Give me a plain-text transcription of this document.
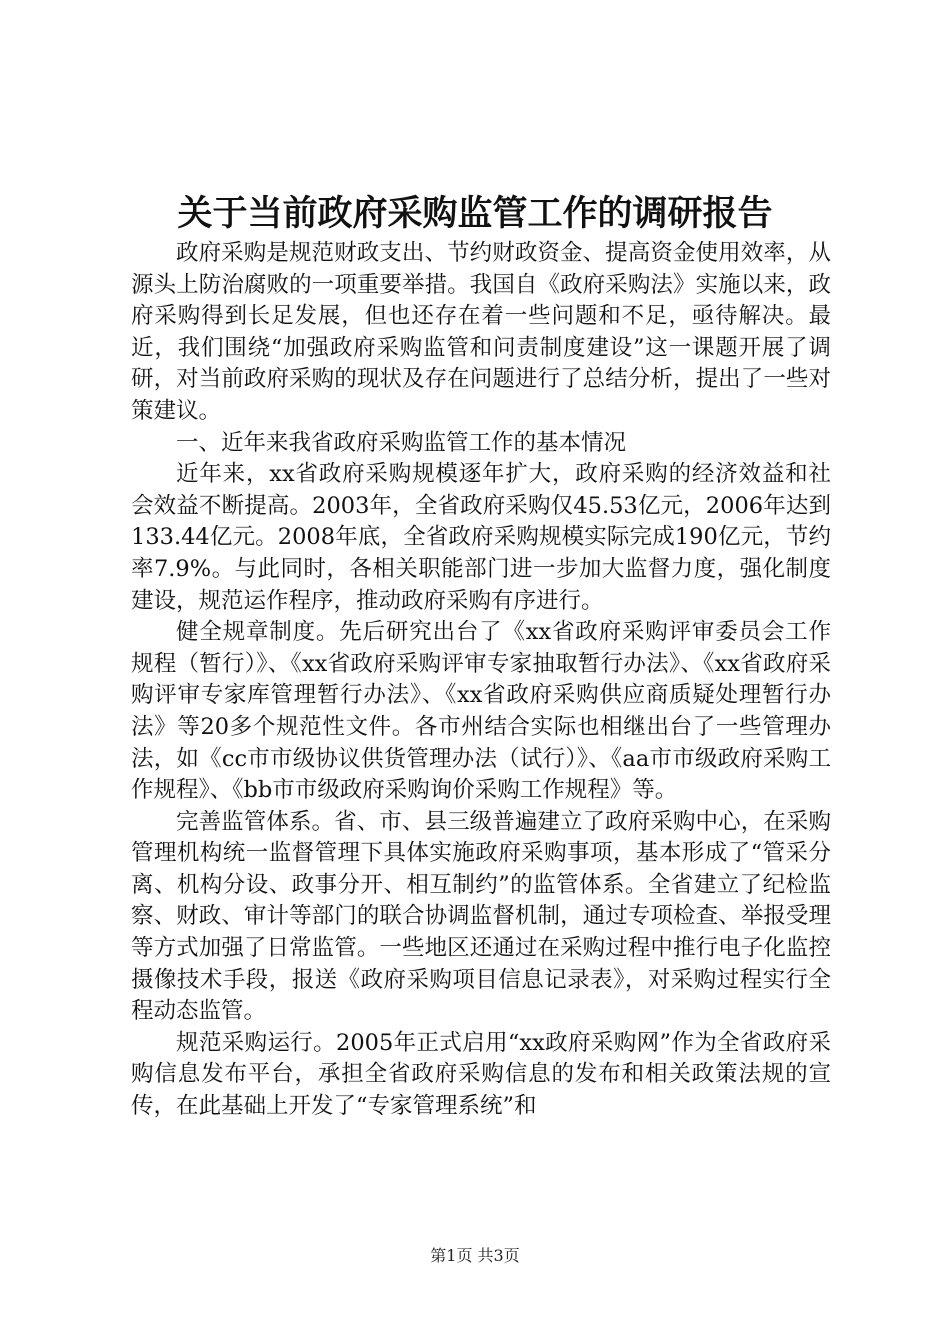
关于当前政府采购监管工作的调研报告

政府采购是规范财政支出、节约财政资金、提高资金使用效率，从源头上防治腐败的一项重要举措。我国自《政府采购法》实施以来，政府采购得到长足发展，但也还存在着一些问题和不足，亟待解决。最近，我们围绕“加强政府采购监管和问责制度建设”这一课题开展了调研，对当前政府采购的现状及存在问题进行了总结分析，提出了一些对策建议。

一、近年来我省政府采购监管工作的基本情况

近年来，xx省政府采购规模逐年扩大，政府采购的经济效益和社会效益不断提高。2003年，全省政府采购仅45.53亿元，2006年达到133.44亿元。2008年底，全省政府采购规模实际完成190亿元，节约率7.9%。与此同时，各相关职能部门进一步加大监督力度，强化制度建设，规范运作程序，推动政府采购有序进行。

健全规章制度。先后研究出台了《xx省政府采购评审委员会工作规程（暂行）》、《xx省政府采购评审专家抽取暂行办法》、《xx省政府采购评审专家库管理暂行办法》、《xx省政府采购供应商质疑处理暂行办法》等20多个规范性文件。各市州结合实际也相继出台了一些管理办法，如《cc市市级协议供货管理办法（试行）》、《aa市市级政府采购工作规程》、《bb市市级政府采购询价采购工作规程》等。

完善监管体系。省、市、县三级普遍建立了政府采购中心，在采购管理机构统一监督管理下具体实施政府采购事项，基本形成了“管采分离、机构分设、政事分开、相互制约”的监管体系。全省建立了纪检监察、财政、审计等部门的联合协调监督机制，通过专项检查、举报受理等方式加强了日常监管。一些地区还通过在采购过程中推行电子化监控摄像技术手段，报送《政府采购项目信息记录表》，对采购过程实行全程动态监管。

规范采购运行。2005年正式启用“xx政府采购网”作为全省政府采购信息发布平台，承担全省政府采购信息的发布和相关政策法规的宣传，在此基础上开发了“专家管理系统”和

第1页 共3页
